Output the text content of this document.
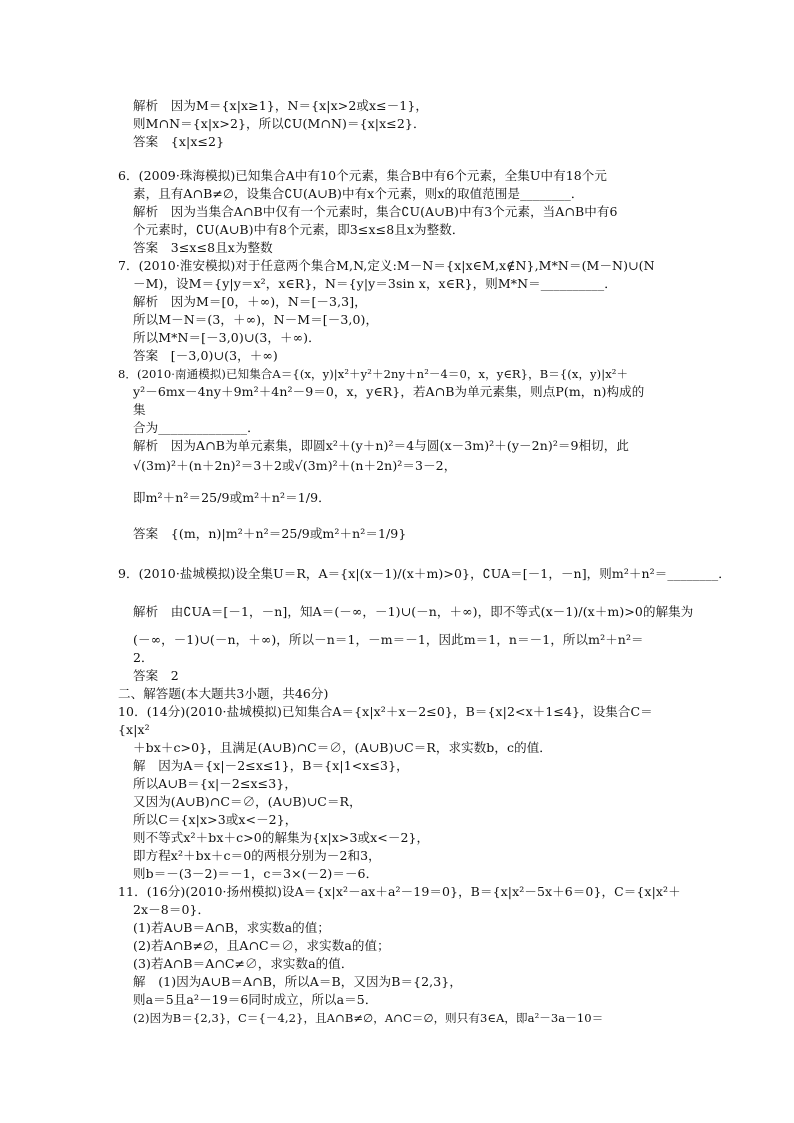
解析　因为M＝{x|x≥1}，N＝{x|x>2或x≤－1}，
则M∩N＝{x|x>2}，所以∁U(M∩N)＝{x|x≤2}．
答案　{x|x≤2}
6．(2009·珠海模拟)已知集合A中有10个元素，集合B中有6个元素，全集U中有18个元
素，且有A∩B≠∅，设集合∁U(A∪B)中有x个元素，则x的取值范围是________．
解析　因为当集合A∩B中仅有一个元素时，集合∁U(A∪B)中有3个元素，当A∩B中有6
个元素时，∁U(A∪B)中有8个元素，即3≤x≤8且x为整数．
答案　3≤x≤8且x为整数
7．(2010·淮安模拟)对于任意两个集合M,N,定义:M－N＝{x|x∈M,x∉N},M*N＝(M－N)∪(N
－M)，设M＝{y|y＝x²，x∈R}，N＝{y|y＝3sin x，x∈R}，则M*N＝__________．
解析　因为M＝[0，＋∞)，N＝[－3,3]，
所以M－N＝(3，＋∞)，N－M＝[－3,0)，
所以M*N＝[－3,0)∪(3，＋∞)．
答案　[－3,0)∪(3，＋∞)
8．(2010·南通模拟)已知集合A＝{(x，y)|x²＋y²＋2ny＋n²－4＝0，x，y∈R}，B＝{(x，y)|x²＋
y²－6mx－4ny＋9m²＋4n²－9＝0，x，y∈R}，若A∩B为单元素集，则点P(m，n)构成的
集
合为______________．
解析　因为A∩B为单元素集，即圆x²＋(y＋n)²＝4与圆(x－3m)²＋(y－2n)²＝9相切，此
√(3m)²＋(n＋2n)²＝3＋2或√(3m)²＋(n＋2n)²＝3－2，
即m²＋n²＝25/9或m²＋n²＝1/9．
答案　{(m，n)|m²＋n²＝25/9或m²＋n²＝1/9}
9．(2010·盐城模拟)设全集U＝R，A＝{x|(x－1)/(x＋m)>0}，∁UA＝[－1，－n]，则m²＋n²＝________．
解析　由∁UA＝[－1，－n]，知A＝(－∞，－1)∪(－n，＋∞)，即不等式(x－1)/(x＋m)>0的解集为
(－∞，－1)∪(－n，＋∞)，所以－n＝1，－m＝－1，因此m＝1，n＝－1，所以m²＋n²＝
2．
答案　2
二、解答题(本大题共3小题，共46分)
10．(14分)(2010·盐城模拟)已知集合A＝{x|x²＋x－2≤0}，B＝{x|2<x＋1≤4}，设集合C＝
{x|x²
＋bx＋c>0}，且满足(A∪B)∩C＝∅，(A∪B)∪C＝R，求实数b，c的值．
解　因为A＝{x|－2≤x≤1}，B＝{x|1<x≤3}，
所以A∪B＝{x|－2≤x≤3}，
又因为(A∪B)∩C＝∅，(A∪B)∪C＝R，
所以C＝{x|x>3或x<－2}，
则不等式x²＋bx＋c>0的解集为{x|x>3或x<－2}，
即方程x²＋bx＋c＝0的两根分别为－2和3，
则b＝－(3－2)＝－1，c＝3×(－2)＝－6．
11．(16分)(2010·扬州模拟)设A＝{x|x²－ax＋a²－19＝0}，B＝{x|x²－5x＋6＝0}，C＝{x|x²＋
2x－8＝0}．
(1)若A∪B＝A∩B，求实数a的值；
(2)若A∩B≠∅，且A∩C＝∅，求实数a的值；
(3)若A∩B＝A∩C≠∅，求实数a的值．
解　(1)因为A∪B＝A∩B，所以A＝B，又因为B＝{2,3}，
则a＝5且a²－19＝6同时成立，所以a＝5．
(2)因为B＝{2,3}，C＝{－4,2}，且A∩B≠∅，A∩C＝∅，则只有3∈A，即a²－3a－10＝
